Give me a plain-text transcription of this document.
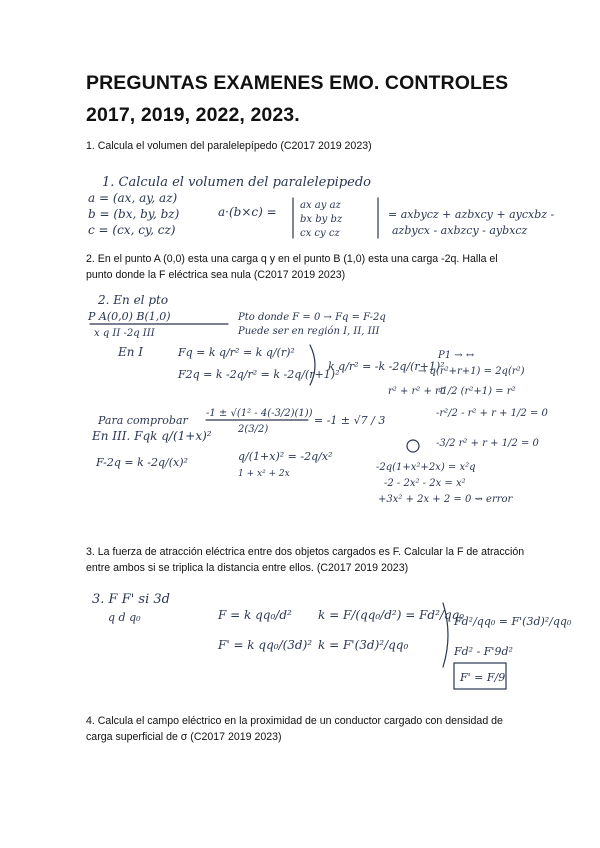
PREGUNTAS EXAMENES EMO. CONTROLES
2017, 2019, 2022, 2023.
1. Calcula el volumen del paralelepípedo (C2017 2019 2023)
1. Calcula el volumen del paralelepipedo
a = (ax, ay, az)
b = (bx, by, bz)
c = (cx, cy, cz)
a·(b×c) = ax ay az
bx by bz
cx cy cz
= axbycz + azbxcy + aycxbz -
azbycx - axbzcy - aybxcz
2. En el punto A (0,0) esta una carga q y en el punto B (1,0) esta una carga -2q. Halla el punto donde la F eléctrica sea nula (C2017 2019 2023)
2. En el pto
P A(0,0) B(1,0)
x q II -2q III
Pto donde F = 0 → Fq = F-2q
Puede ser en región I, II, III
En I	Fq = k q/r² = k q/(r)²
F2q = k -2q/r² = k -2q/(r+1)²
k q/r² = -k -2q/(r+1)²
P1 → ↔
→ q(r²+r+1) = 2q(r²)
r² + r² + rt
-1/2 (r²+1) = r²
Para comprobar
En III. Fqk q/(1+x)²
-1 ± √(1² - 4(-3/2)(1))
2(3/2)
= -1 ± √7 / 3
-r²/2 - r² + r + 1/2 = 0
-3/2 r² + r + 1/2 = 0
F-2q = k -2q/(x)²	q/(1+x)² = -2q/x²
1 + x² + 2x
-2q(1+x²+2x) = x²q
-2 - 2x² - 2x = x²
+3x² + 2x + 2 = 0 ⇝ error
3. La fuerza de atracción eléctrica entre dos objetos cargados es F. Calcular la F de atracción entre ambos si se triplica la distancia entre ellos. (C2017 2019 2023)
3. F F' si 3d
q d q₀	F = k qq₀/d²
F' = k qq₀/(3d)²
k = F/(qq₀/d²) = Fd²/qq₀
k = F'(3d)²/qq₀
Fd²/qq₀ = F'(3d)²/qq₀
Fd² - F'9d²
F' = F/9
4. Calcula el campo eléctrico en la proximidad de un conductor cargado con densidad de carga superficial de σ (C2017 2019 2023)
